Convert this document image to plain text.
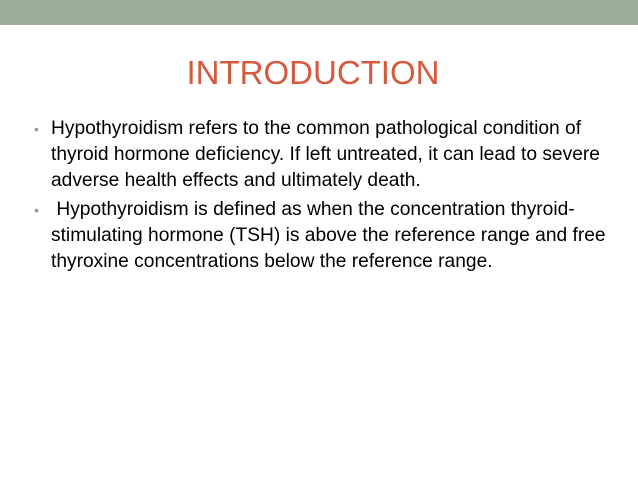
INTRODUCTION
• Hypothyroidism refers to the common pathological condition of thyroid hormone deficiency. If left untreated, it can lead to severe adverse health effects and ultimately death.
• Hypothyroidism is defined as when the concentration thyroid-stimulating hormone (TSH) is above the reference range and free thyroxine concentrations below the reference range.
